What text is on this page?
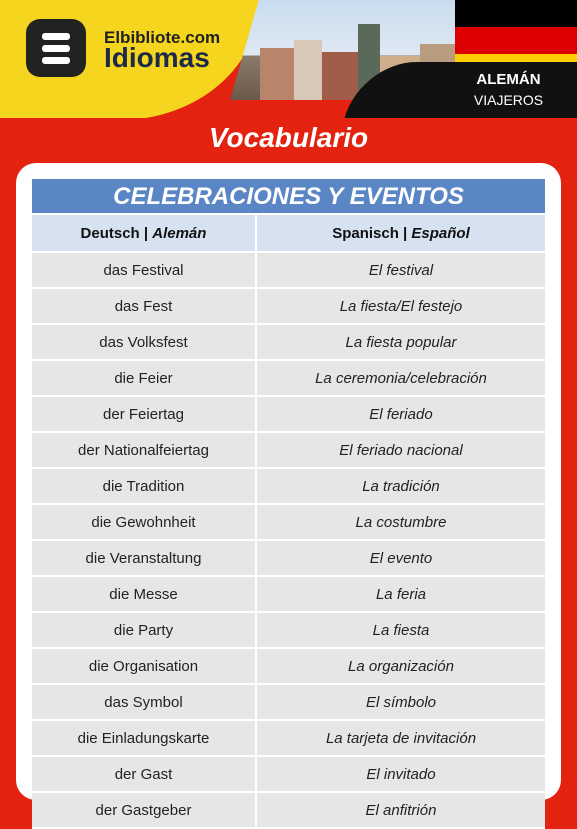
ALEMÁN
VIAJEROS
Elbibliote.com
Idiomas
Vocabulario
CELEBRACIONES Y EVENTOS
Deutsch | Alemán	Spanisch | Español
das Festival	El festival
das Fest	La fiesta/El festejo
das Volksfest	La fiesta popular
die Feier	La ceremonia/celebración
der Feiertag	El feriado
der Nationalfeiertag	El feriado nacional
die Tradition	La tradición
die Gewohnheit	La costumbre
die Veranstaltung	El evento
die Messe	La feria
die Party	La fiesta
die Organisation	La organización
das Symbol	El símbolo
die Einladungskarte	La tarjeta de invitación
der Gast	El invitado
der Gastgeber	El anfitrión
